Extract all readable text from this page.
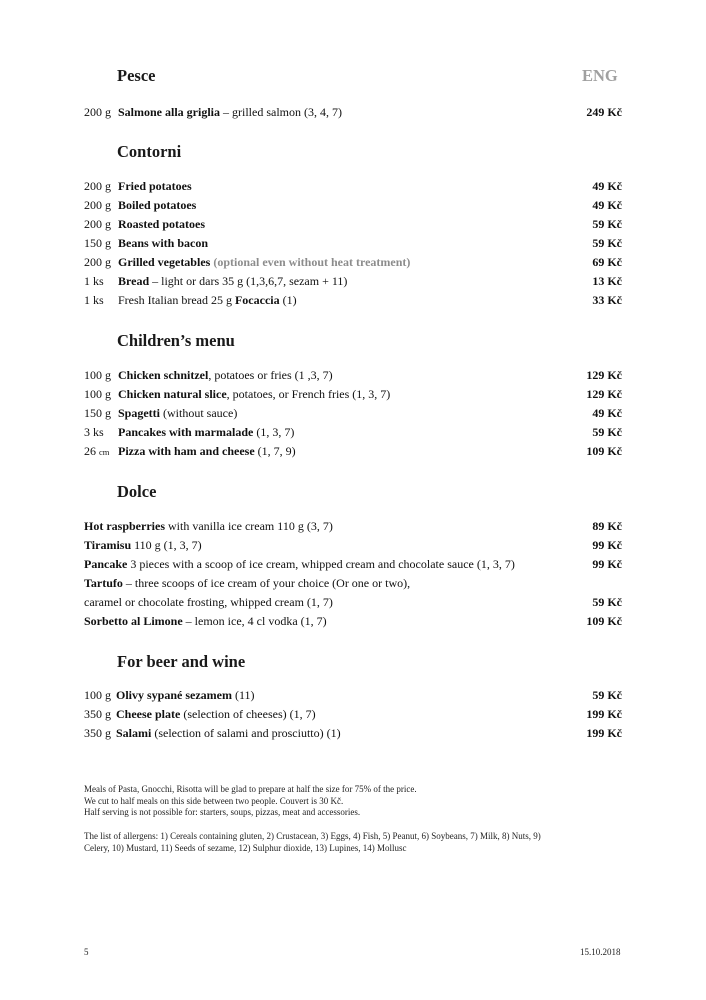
Pesce	ENG
200 g Salmone alla griglia – grilled salmon (3, 4, 7)	249 Kč
Contorni
200 g Fried potatoes	49 Kč
200 g Boiled potatoes	49 Kč
200 g Roasted potatoes	59 Kč
150 g Beans with bacon	59 Kč
200 g Grilled vegetables (optional even without heat treatment)	69 Kč
1 ks Bread – light or dars 35 g (1,3,6,7, sezam + 11)	13 Kč
1 ks Fresh Italian bread 25 g Focaccia (1)	33 Kč
Children’s menu
100 g Chicken schnitzel, potatoes or fries (1 ,3, 7)	129 Kč
100 g Chicken natural slice, potatoes, or French fries (1, 3, 7)	129 Kč
150 g Spagetti (without sauce)	49 Kč
3 ks Pancakes with marmalade (1, 3, 7)	59 Kč
26 cm Pizza with ham and cheese (1, 7, 9)	109 Kč
Dolce
Hot raspberries with vanilla ice cream 110 g (3, 7)	89 Kč
Tiramisu 110 g (1, 3, 7)	99 Kč
Pancake 3 pieces with a scoop of ice cream, whipped cream and chocolate sauce (1, 3, 7)	99 Kč
Tartufo – three scoops of ice cream of your choice (Or one or two),
caramel or chocolate frosting, whipped cream (1, 7)	59 Kč
Sorbetto al Limone – lemon ice, 4 cl vodka (1, 7)	109 Kč
For beer and wine
100 g Olivy sypané sezamem (11)	59 Kč
350 g Cheese plate (selection of cheeses) (1, 7)	199 Kč
350 g Salami (selection of salami and prosciutto) (1)	199 Kč
Meals of Pasta, Gnocchi, Risotta will be glad to prepare at half the size for 75% of the price.
We cut to half meals on this side between two people. Couvert is 30 Kč.
Half serving is not possible for: starters, soups, pizzas, meat and accessories.
The list of allergens: 1) Cereals containing gluten, 2) Crustacean, 3) Eggs, 4) Fish, 5) Peanut, 6) Soybeans, 7) Milk, 8) Nuts, 9)
Celery, 10) Mustard, 11) Seeds of sezame, 12) Sulphur dioxide, 13) Lupines, 14) Mollusc
5	15.10.2018
